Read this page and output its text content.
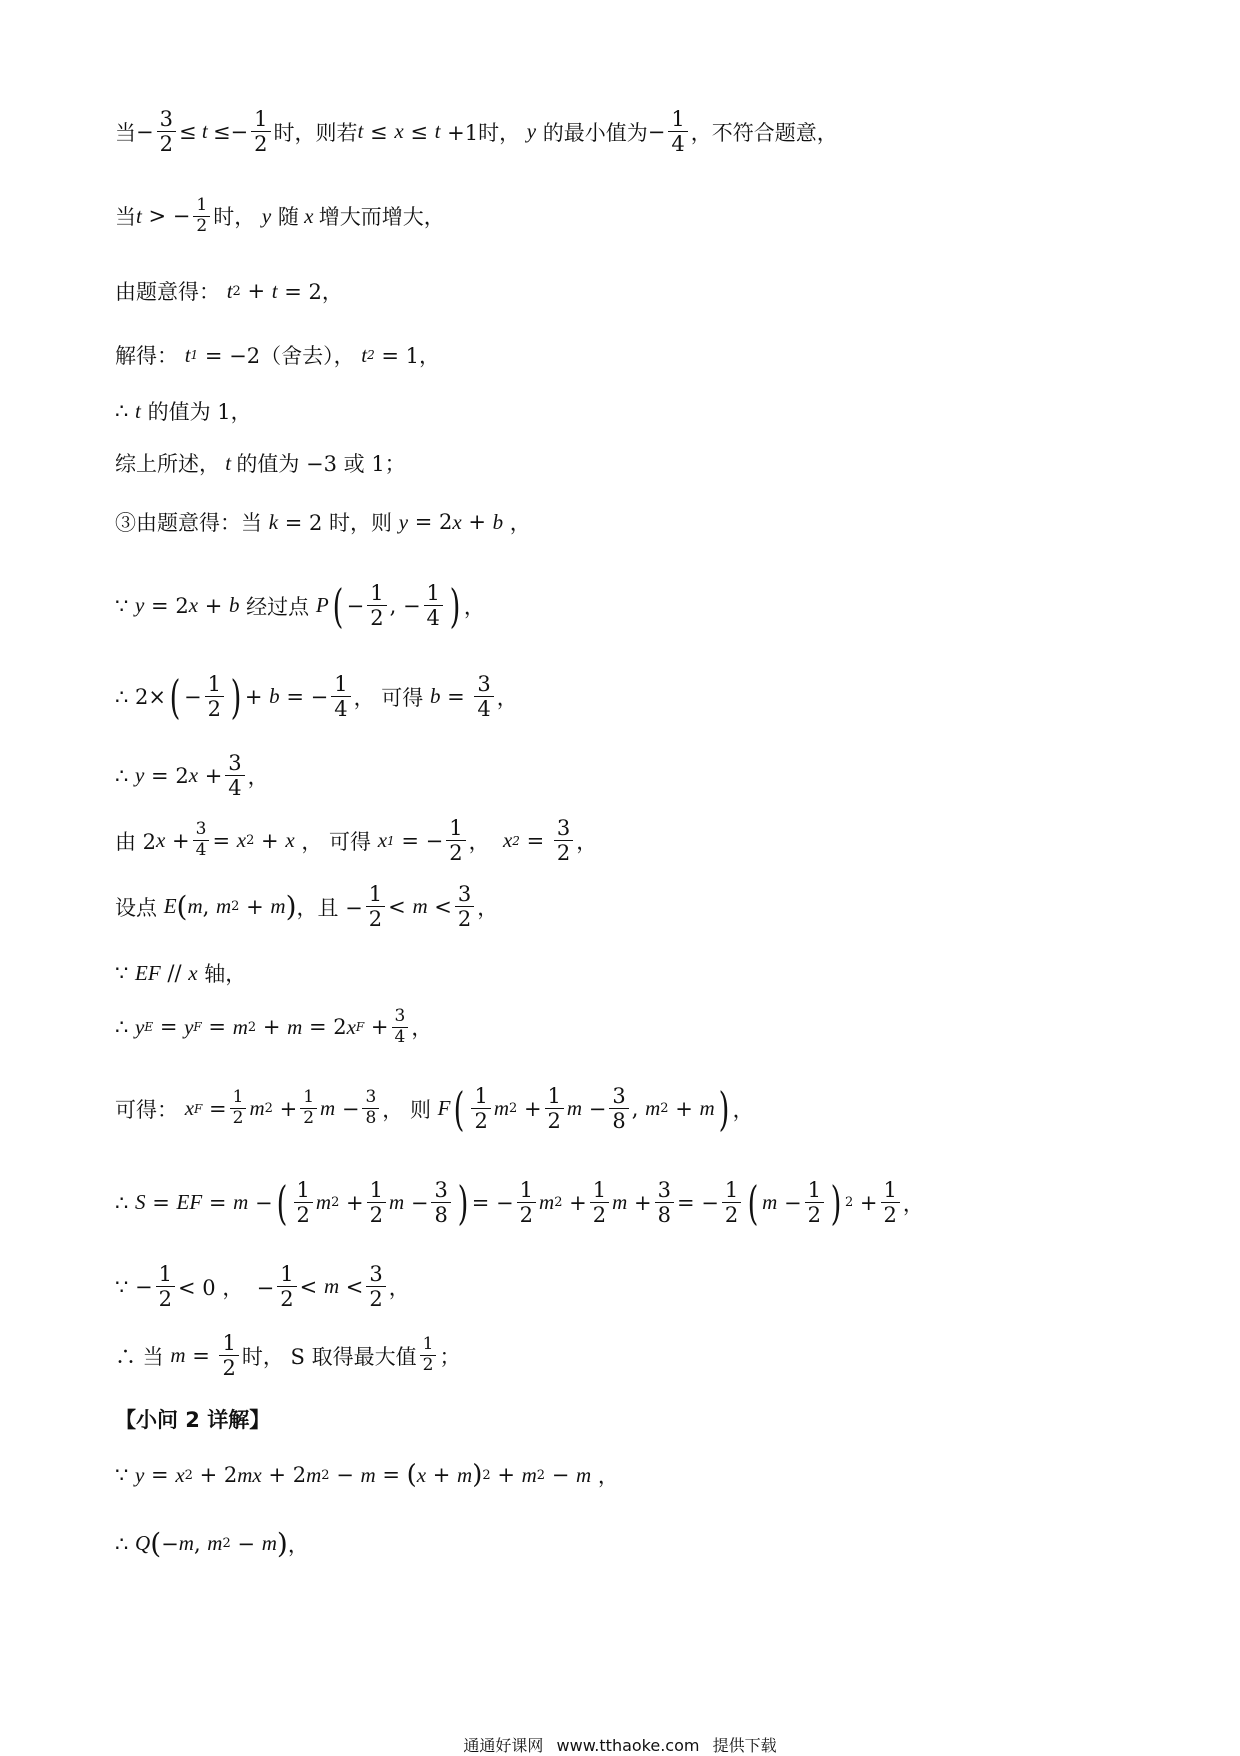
当 − $\frac{3}{2} \le t$ ≤ − $\frac{1}{2}$ 时，则若 t ≤ x ≤ t +1时， y 的最小值为 − $\frac{1}{4}$ ，不符合题意，
当 t > − $\frac{1}{2}$ 时， y 随 x 增大而增大，
由题意得： t 2 + t = 2，
解得： t 1 = −2（舍去）， t 2 = 1，
∴ t 的值为 1，
综上所述， t 的值为 −3 或 1；
③由题意得：当 k = 2 时，则 y = 2 x + b ，
∵ y = 2 x + b 经过点 P ( − $\frac{1}{2}$ , − $\frac{1}{4}$ ) ，
∴ 2× ( − $\frac{1}{2}$ ) + b = − $\frac{1}{4}$ ， 可得 $b = \frac{3}{4}$ ，
∴ y = 2 $x + \frac{3}{4}$ ，
由 2 $x + \frac{3}{4} = x$ 2 + x ， 可得 x 1 = − $\frac{1}{2}$ ， x $2 = \frac{3}{2}$ ，
设点 E ( m , m 2 + m ) ，且 − $\frac{1}{2} < m < \frac{3}{2}$ ，
∵ EF // x 轴，
∴ y E = y F = m 2 + m = 2 x $F + \frac{3}{4}$ ，
可得： x $F = \frac{1}{2}$ m $2 + \frac{1}{2}$ $m - \frac{3}{8}$ ， 则 F ( $\frac{1}{2}$ m $2 + \frac{1}{2}$ $m - \frac{3}{8}$ , m 2 + m ) ，
∴ S = EF = m − ( $\frac{1}{2}$ m $2 + \frac{1}{2}$ $m - \frac{3}{8}$ ) = − $\frac{1}{2}$ m $2 + \frac{1}{2}$ $m + \frac{3}{8}$ = − $\frac{1}{2}$ ( $m - \frac{1}{2}$ ) $2 + \frac{1}{2}$ ，
∵ − $\frac{1}{2} < 0$ ，  − $\frac{1}{2} < m < \frac{3}{2}$ ，
∴ 当 $m = \frac{1}{2}$ 时， S 取得最大值 $\frac{1}{2}$ ；
【小问 2 详解】
∵ y = x 2 + 2 mx + 2 m 2 − m = ( x + m ) 2 + m 2 − m ，
∴ Q ( − m , m 2 − m ) ，
通通好课网 www.tthaoke.com 提供下载
